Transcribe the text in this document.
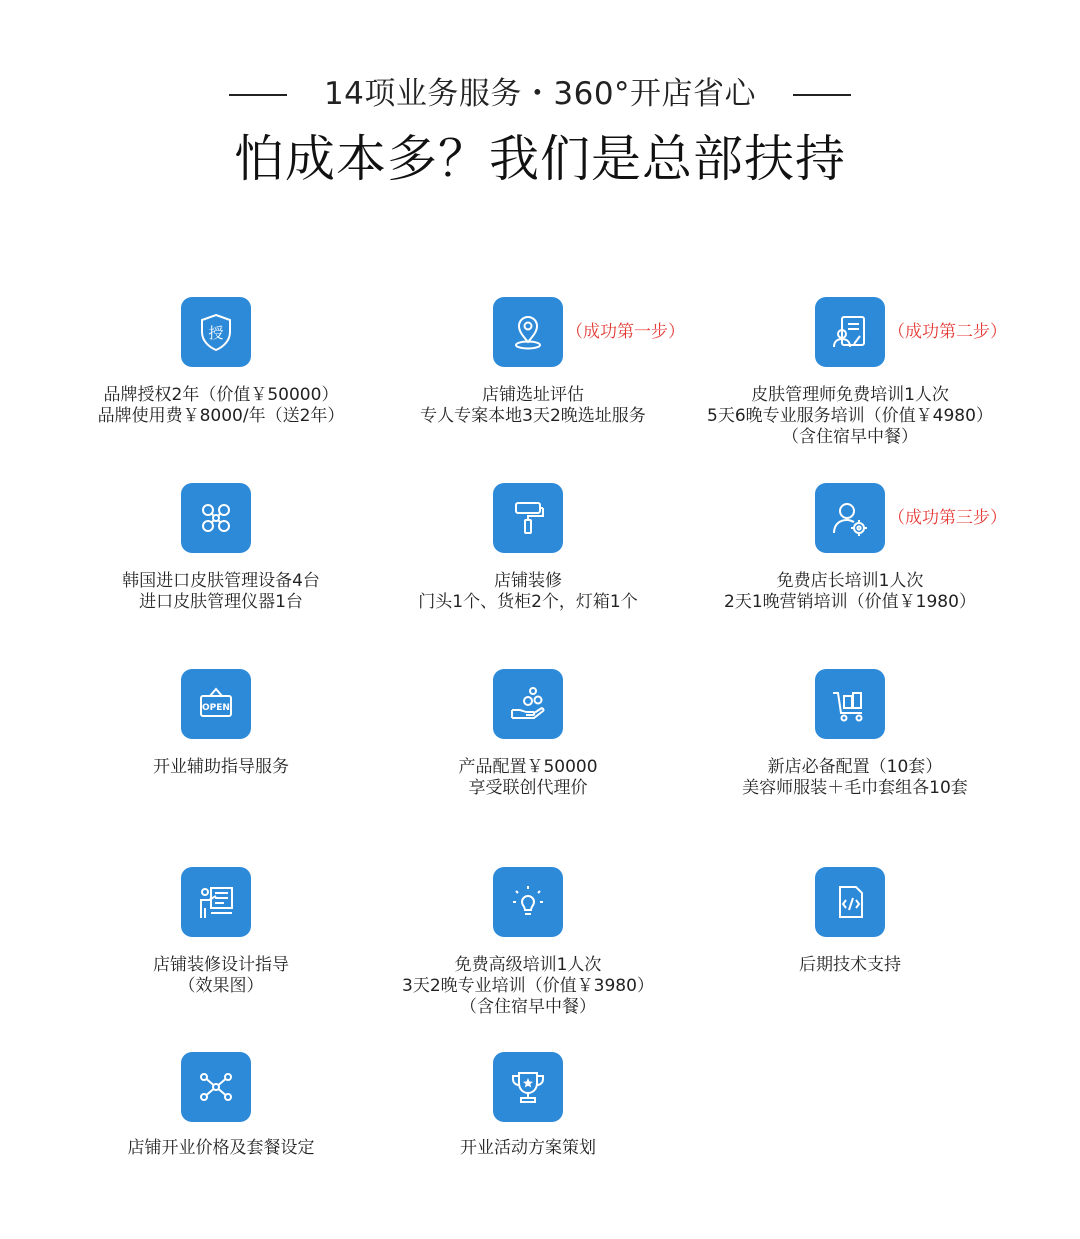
14项业务服务・360°开店省心
怕成本多？我们是总部扶持
授
品牌授权2年（价值￥50000）
品牌使用费￥8000/年（送2年）
（成功第一步）
店铺选址评估
专人专案本地3天2晚选址服务
（成功第二步）
皮肤管理师免费培训1人次
5天6晚专业服务培训（价值￥4980）
（含住宿早中餐）
韩国进口皮肤管理设备4台
进口皮肤管理仪器1台
店铺装修
门头1个、货柜2个，灯箱1个
（成功第三步）
免费店长培训1人次
2天1晚营销培训（价值￥1980）
OPEN
开业辅助指导服务	产品配置￥50000
享受联创代理价
新店必备配置（10套）
美容师服装＋毛巾套组各10套
店铺装修设计指导
（效果图）
免费高级培训1人次
3天2晚专业培训（价值￥3980）
（含住宿早中餐）
后期技术支持
店铺开业价格及套餐设定	开业活动方案策划
